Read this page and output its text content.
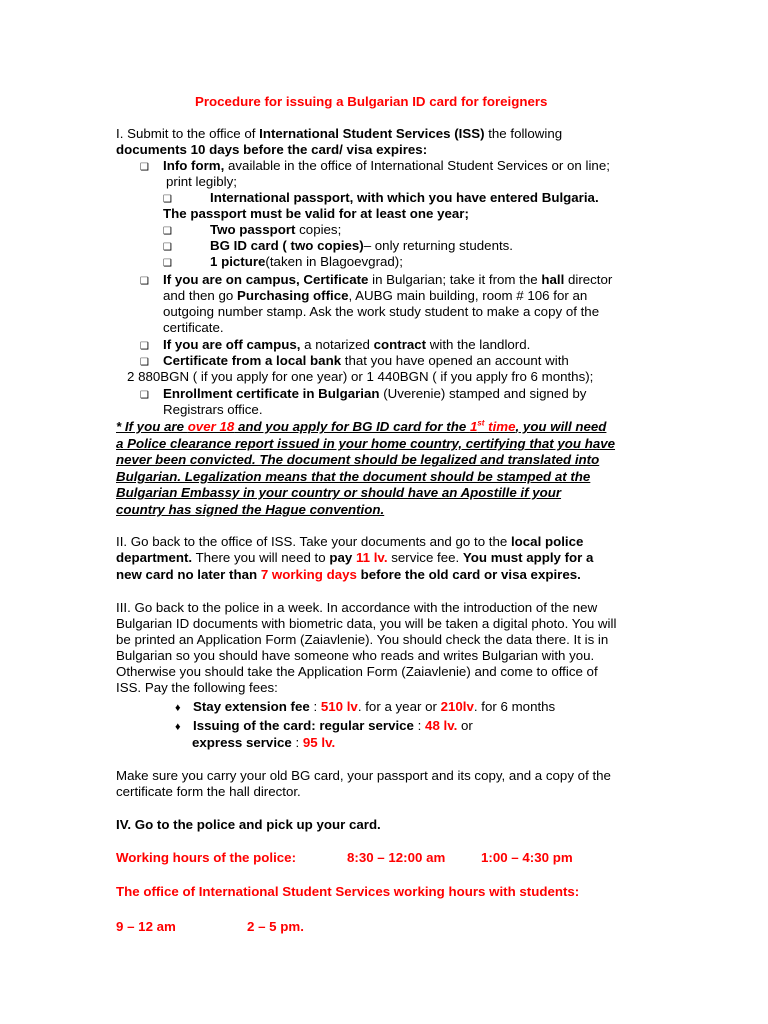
Procedure for issuing a Bulgarian ID card for foreigners
I. Submit to the office of International Student Services (ISS) the following
documents 10 days before the card/ visa expires:
❑ Info form, available in the office of International Student Services or on line;
print legibly;
❑	International passport, with which you have entered Bulgaria.
The passport must be valid for at least one year;
❑	Two passport copies;
❑	BG ID card ( two copies)– only returning students.
❑	1 picture(taken in Blagoevgrad);
❑ If you are on campus, Certificate in Bulgarian; take it from the hall director
and then go Purchasing office, AUBG main building, room # 106 for an
outgoing number stamp. Ask the work study student to make a copy of the
certificate.
❑ If you are off campus, a notarized contract with the landlord.
❑ Certificate from a local bank that you have opened an account with
2 880BGN ( if you apply for one year) or 1 440BGN ( if you apply fro 6 months);
❑ Enrollment certificate in Bulgarian (Uverenie) stamped and signed by
Registrars office.
* If you are over 18 and you apply for BG ID card for the 1st time, you will need
a Police clearance report issued in your home country, certifying that you have
never been convicted. The document should be legalized and translated into
Bulgarian. Legalization means that the document should be stamped at the
Bulgarian Embassy in your country or should have an Apostille if your
country has signed the Hague convention.
II. Go back to the office of ISS. Take your documents and go to the local police
department. There you will need to pay 11 lv. service fee. You must apply for a
new card no later than 7 working days before the old card or visa expires.
III. Go back to the police in a week. In accordance with the introduction of the new
Bulgarian ID documents with biometric data, you will be taken a digital photo. You will
be printed an Application Form (Zaiavlenie). You should check the data there. It is in
Bulgarian so you should have someone who reads and writes Bulgarian with you.
Otherwise you should take the Application Form (Zaiavlenie) and come to office of
ISS. Pay the following fees:
♦ Stay extension fee : 510 lv. for a year or 210lv. for 6 months
♦ Issuing of the card: regular service : 48 lv. or
express service : 95 lv.
Make sure you carry your old BG card, your passport and its copy, and a copy of the
certificate form the hall director.
IV. Go to the police and pick up your card.
Working hours of the police:	8:30 – 12:00 am	1:00 – 4:30 pm
The office of International Student Services working hours with students:
9 – 12 am	2 – 5 pm.
